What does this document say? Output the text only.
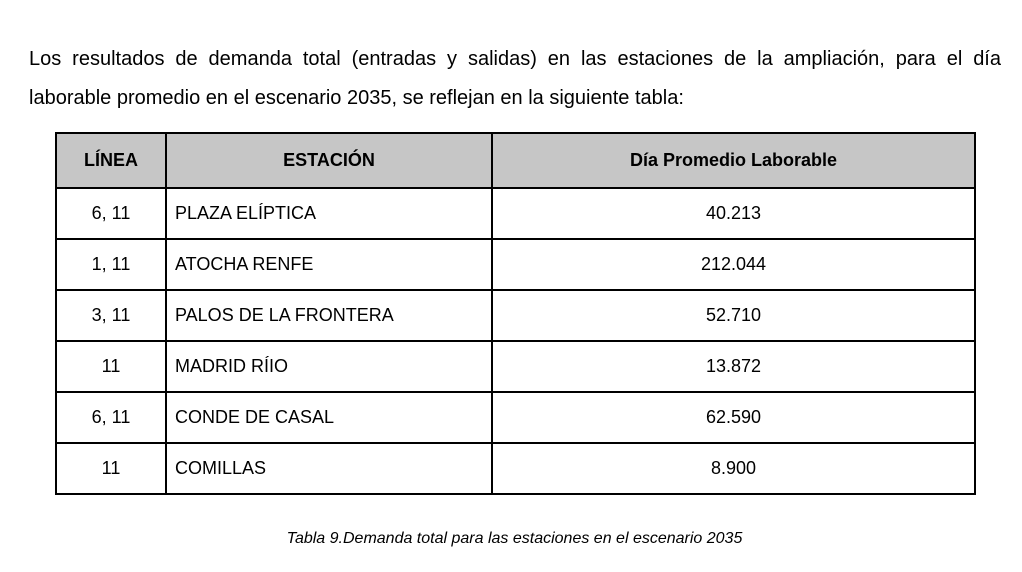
Los resultados de demanda total (entradas y salidas) en las estaciones de la ampliación, para el día laborable promedio en el escenario 2035, se reflejan en la siguiente tabla:

LÍNEA	ESTACIÓN	Día Promedio Laborable
6, 11	PLAZA ELÍPTICA	40.213
1, 11	ATOCHA RENFE	212.044
3, 11	PALOS DE LA FRONTERA	52.710
11	MADRID RÍIO	13.872
6, 11	CONDE DE CASAL	62.590
11	COMILLAS	8.900

Tabla 9.Demanda total para las estaciones en el escenario 2035
